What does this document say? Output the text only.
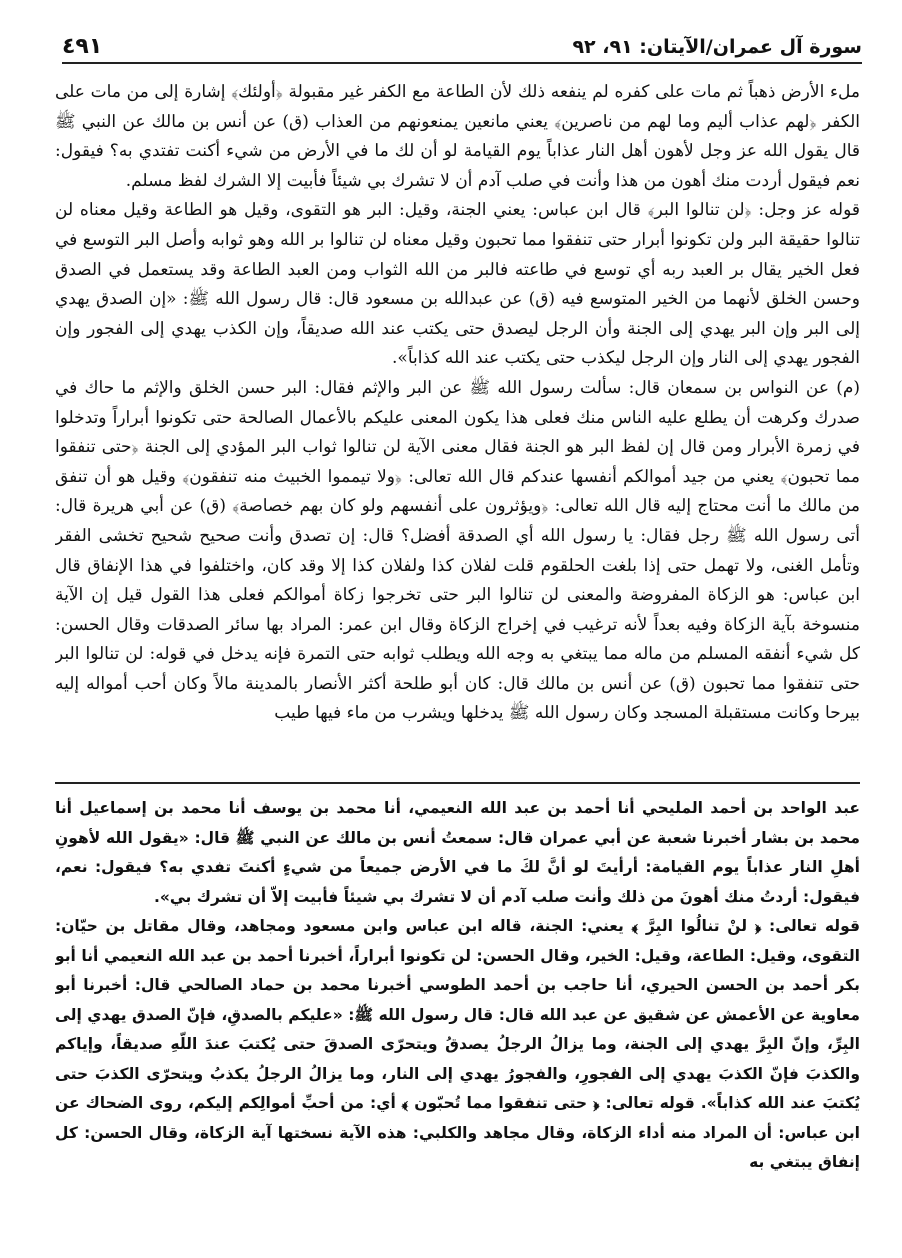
سورة آل عمران/الآيتان: ٩١، ٩٢
٤٩١

ملء الأرض ذهباً ثم مات على كفره لم ينفعه ذلك لأن الطاعة مع الكفر غير مقبولة ﴿أولئك﴾ إشارة إلى من مات على الكفر ﴿لهم عذاب أليم وما لهم من ناصرين﴾ يعني مانعين يمنعونهم من العذاب (ق) عن أنس بن مالك عن النبي ﷺ قال يقول الله عز وجل لأهون أهل النار عذاباً يوم القيامة لو أن لك ما في الأرض من شيء أكنت تفتدي به؟ فيقول: نعم فيقول أردت منك أهون من هذا وأنت في صلب آدم أن لا تشرك بي شيئاً فأبيت إلا الشرك لفظ مسلم.

قوله عز وجل: ﴿لن تنالوا البر﴾ قال ابن عباس: يعني الجنة، وقيل: البر هو التقوى، وقيل هو الطاعة وقيل معناه لن تنالوا حقيقة البر ولن تكونوا أبرار حتى تنفقوا مما تحبون وقيل معناه لن تنالوا بر الله وهو ثوابه وأصل البر التوسع في فعل الخير يقال بر العبد ربه أي توسع في طاعته فالبر من الله الثواب ومن العبد الطاعة وقد يستعمل في الصدق وحسن الخلق لأنهما من الخير المتوسع فيه (ق) عن عبدالله بن مسعود قال: قال رسول الله ﷺ: «إن الصدق يهدي إلى البر وإن البر يهدي إلى الجنة وأن الرجل ليصدق حتى يكتب عند الله صديقاً، وإن الكذب يهدي إلى الفجور وإن الفجور يهدي إلى النار وإن الرجل ليكذب حتى يكتب عند الله كذاباً».

(م) عن النواس بن سمعان قال: سألت رسول الله ﷺ عن البر والإثم فقال: البر حسن الخلق والإثم ما حاك في صدرك وكرهت أن يطلع عليه الناس منك فعلى هذا يكون المعنى عليكم بالأعمال الصالحة حتى تكونوا أبراراً وتدخلوا في زمرة الأبرار ومن قال إن لفظ البر هو الجنة فقال معنى الآية لن تنالوا ثواب البر المؤدي إلى الجنة ﴿حتى تنفقوا مما تحبون﴾ يعني من جيد أموالكم أنفسها عندكم قال الله تعالى: ﴿ولا تيمموا الخبيث منه تنفقون﴾ وقيل هو أن تنفق من مالك ما أنت محتاج إليه قال الله تعالى: ﴿ويؤثرون على أنفسهم ولو كان بهم خصاصة﴾ (ق) عن أبي هريرة قال: أتى رسول الله ﷺ رجل فقال: يا رسول الله أي الصدقة أفضل؟ قال: إن تصدق وأنت صحيح شحيح تخشى الفقر وتأمل الغنى، ولا تهمل حتى إذا بلغت الحلقوم قلت لفلان كذا ولفلان كذا إلا وقد كان، واختلفوا في هذا الإنفاق قال ابن عباس: هو الزكاة المفروضة والمعنى لن تنالوا البر حتى تخرجوا زكاة أموالكم فعلى هذا القول قيل إن الآية منسوخة بآية الزكاة وفيه بعداً لأنه ترغيب في إخراج الزكاة وقال ابن عمر: المراد بها سائر الصدقات وقال الحسن: كل شيء أنفقه المسلم من ماله مما يبتغي به وجه الله ويطلب ثوابه حتى التمرة فإنه يدخل في قوله: لن تنالوا البر حتى تنفقوا مما تحبون (ق) عن أنس بن مالك قال: كان أبو طلحة أكثر الأنصار بالمدينة مالاً وكان أحب أمواله إليه بيرحا وكانت مستقبلة المسجد وكان رسول الله ﷺ يدخلها ويشرب من ماء فيها طيب

عبد الواحد بن أحمد المليحي أنا أحمد بن عبد الله النعيمي، أنا محمد بن يوسف أنا محمد بن إسماعيل أنا محمد بن بشار أخبرنا شعبة عن أبي عمران قال: سمعتُ أنس بن مالك عن النبي ﷺ قال: «يقول الله لأهونِ أهلِ النار عذاباً يوم القيامة: أرأيتَ لو أنَّ لكَ ما في الأرض جميعاً من شيءٍ أكنتَ تفدي به؟ فيقول: نعم، فيقول: أردتُ منك أهونَ من ذلك وأنت صلب آدم أن لا تشرك بي شيئاً فأبيت إلاّ أن تشرك بي».

قوله تعالى: ﴿ لنْ تنالُوا البِرَّ ﴾ يعني: الجنة، قاله ابن عباس وابن مسعود ومجاهد، وقال مقاتل بن حيّان: التقوى، وقيل: الطاعة، وقيل: الخير، وقال الحسن: لن تكونوا أبراراً، أخبرنا أحمد بن عبد الله النعيمي أنا أبو بكر أحمد بن الحسن الحيري، أنا حاجب بن أحمد الطوسي أخبرنا محمد بن حماد الصالحي قال: أخبرنا أبو معاوية عن الأعمش عن شقيق عن عبد الله قال: قال رسول الله ﷺ: «عليكم بالصدقِ، فإنّ الصدق يهدي إلى البِرِّ، وإنّ البِرَّ يهدي إلى الجنة، وما يزالُ الرجلُ يصدقُ ويتحرّى الصدقَ حتى يُكتبَ عندَ اللّهِ صديقاً، وإياكم والكذبَ فإنّ الكذبَ يهدي إلى الفجورِ، والفجورُ يهدي إلى النار، وما يزالُ الرجلُ يكذبُ ويتحرّى الكذبَ حتى يُكتبَ عند الله كذاباً». قوله تعالى: ﴿ حتى تنفقوا مما تُحبّون ﴾ أي: من أحبِّ أموالِكم إليكم، روى الضحاك عن ابن عباس: أن المراد منه أداء الزكاة، وقال مجاهد والكلبي: هذه الآية نسختها آية الزكاة، وقال الحسن: كل إنفاق يبتغي به
